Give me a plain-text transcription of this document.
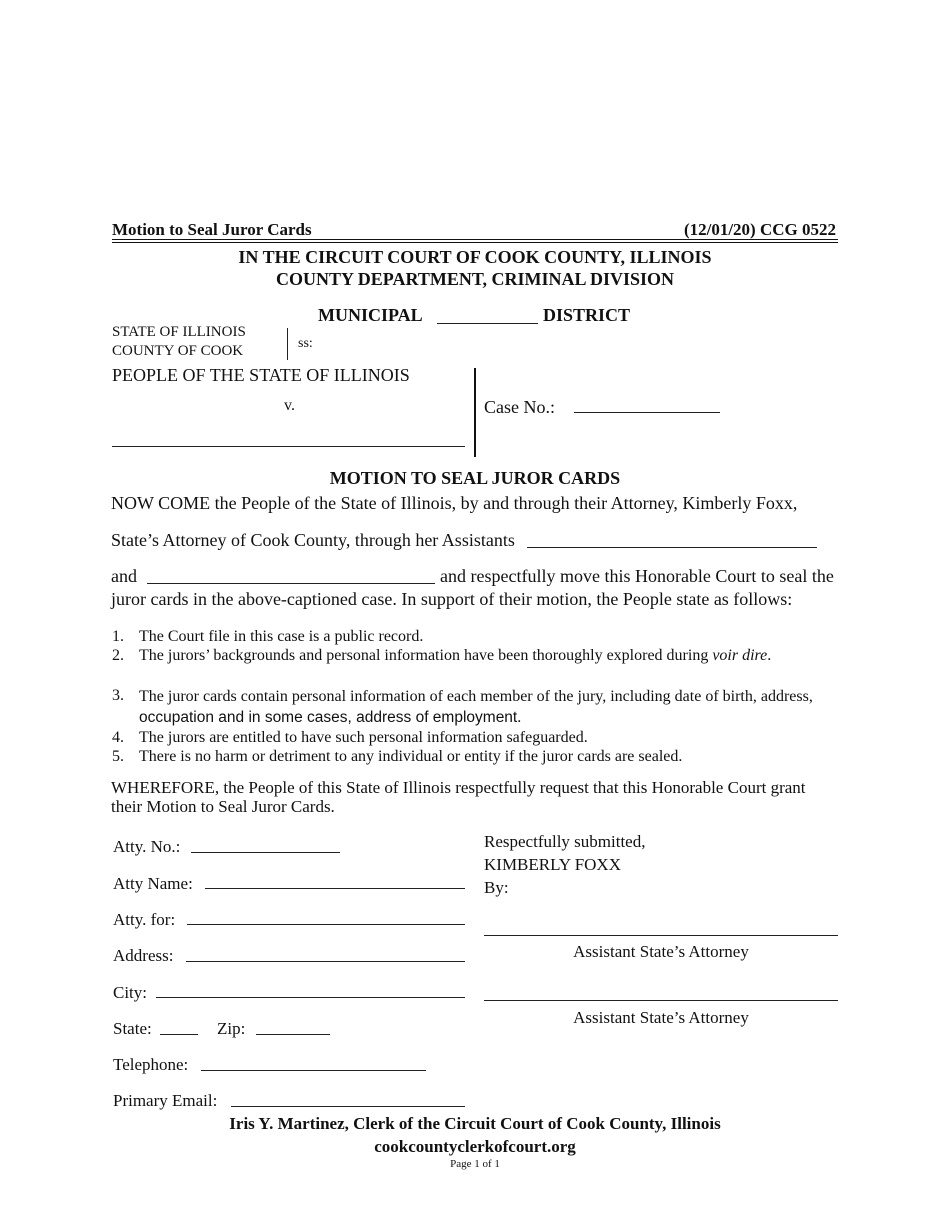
Motion to Seal Juror Cards	(12/01/20) CCG 0522
IN THE CIRCUIT COURT OF COOK COUNTY, ILLINOIS
COUNTY DEPARTMENT, CRIMINAL DIVISION
MUNICIPAL	DISTRICT
STATE OF ILLINOIS
COUNTY OF COOK	ss:
PEOPLE OF THE STATE OF ILLINOIS
v.	Case No.:
MOTION TO SEAL JUROR CARDS
NOW COME the People of the State of Illinois, by and through their Attorney, Kimberly Foxx,
State’s Attorney of Cook County, through her Assistants
and	and respectfully move this Honorable Court to seal the
juror cards in the above-captioned case. In support of their motion, the People state as follows:
1. The Court file in this case is a public record.
2. The jurors’ backgrounds and personal information have been thoroughly explored during voir dire.
3. The juror cards contain personal information of each member of the jury, including date of birth, address, occupation and in some cases, address of employment.
4. The jurors are entitled to have such personal information safeguarded.
5. There is no harm or detriment to any individual or entity if the juror cards are sealed.
WHEREFORE, the People of this State of Illinois respectfully request that this Honorable Court grant their Motion to Seal Juror Cards.
Atty. No.:
Atty Name:
Atty. for:
Address:
City:
State:	Zip:
Telephone:
Primary Email:
Respectfully submitted,
KIMBERLY FOXX
By:
Assistant State’s Attorney
Assistant State’s Attorney
Iris Y. Martinez, Clerk of the Circuit Court of Cook County, Illinois
cookcountyclerkofcourt.org
Page 1 of 1
